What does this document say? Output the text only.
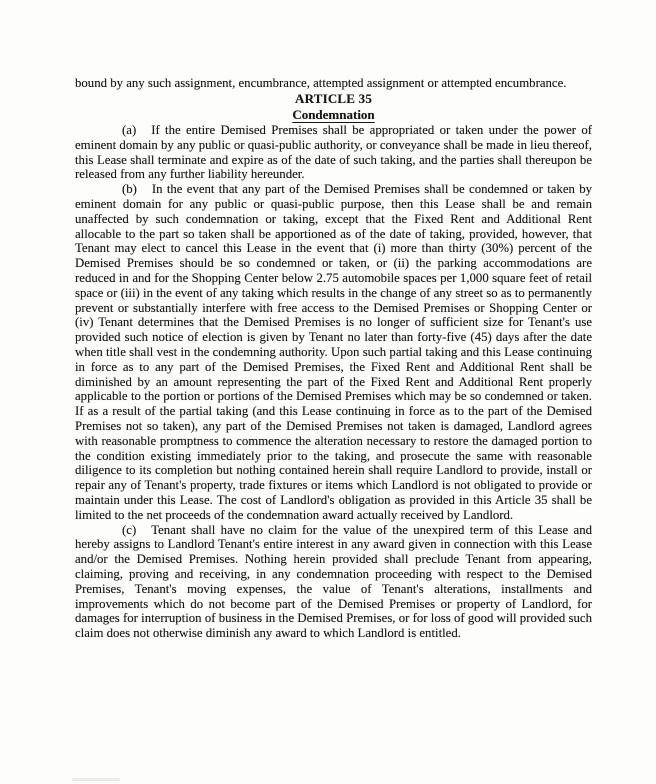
bound by any such assignment, encumbrance, attempted assignment or attempted encumbrance.

ARTICLE 35
Condemnation

(a) If the entire Demised Premises shall be appropriated or taken under the power of eminent domain by any public or quasi-public authority, or conveyance shall be made in lieu thereof, this Lease shall terminate and expire as of the date of such taking, and the parties shall thereupon be released from any further liability hereunder.

(b) In the event that any part of the Demised Premises shall be condemned or taken by eminent domain for any public or quasi-public purpose, then this Lease shall be and remain unaffected by such condemnation or taking, except that the Fixed Rent and Additional Rent allocable to the part so taken shall be apportioned as of the date of taking, provided, however, that Tenant may elect to cancel this Lease in the event that (i) more than thirty (30%) percent of the Demised Premises should be so condemned or taken, or (ii) the parking accommodations are reduced in and for the Shopping Center below 2.75 automobile spaces per 1,000 square feet of retail space or (iii) in the event of any taking which results in the change of any street so as to permanently prevent or substantially interfere with free access to the Demised Premises or Shopping Center or (iv) Tenant determines that the Demised Premises is no longer of sufficient size for Tenant's use provided such notice of election is given by Tenant no later than forty-five (45) days after the date when title shall vest in the condemning authority. Upon such partial taking and this Lease continuing in force as to any part of the Demised Premises, the Fixed Rent and Additional Rent shall be diminished by an amount representing the part of the Fixed Rent and Additional Rent properly applicable to the portion or portions of the Demised Premises which may be so condemned or taken. If as a result of the partial taking (and this Lease continuing in force as to the part of the Demised Premises not so taken), any part of the Demised Premises not taken is damaged, Landlord agrees with reasonable promptness to commence the alteration necessary to restore the damaged portion to the condition existing immediately prior to the taking, and prosecute the same with reasonable diligence to its completion but nothing contained herein shall require Landlord to provide, install or repair any of Tenant's property, trade fixtures or items which Landlord is not obligated to provide or maintain under this Lease. The cost of Landlord's obligation as provided in this Article 35 shall be limited to the net proceeds of the condemnation award actually received by Landlord.

(c) Tenant shall have no claim for the value of the unexpired term of this Lease and hereby assigns to Landlord Tenant's entire interest in any award given in connection with this Lease and/or the Demised Premises. Nothing herein provided shall preclude Tenant from appearing, claiming, proving and receiving, in any condemnation proceeding with respect to the Demised Premises, Tenant's moving expenses, the value of Tenant's alterations, installments and improvements which do not become part of the Demised Premises or property of Landlord, for damages for interruption of business in the Demised Premises, or for loss of good will provided such claim does not otherwise diminish any award to which Landlord is entitled.
